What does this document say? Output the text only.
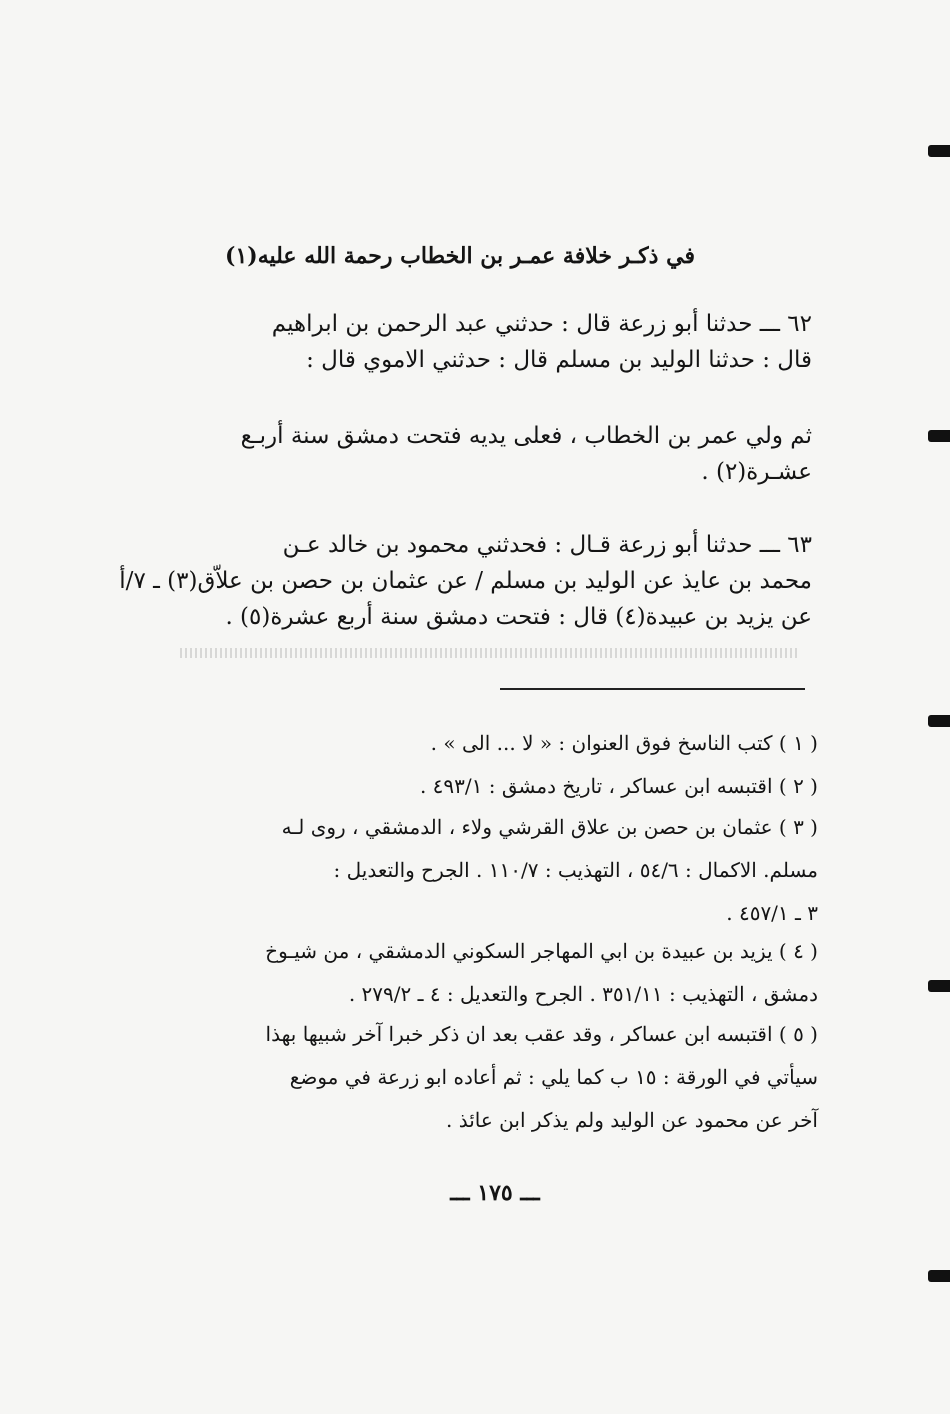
في ذكـر خلافة عمـر بن الخطاب رحمة الله عليه(١)
٦٢ ـــ حدثنا أبو زرعة قال : حدثني عبد الرحمن بن ابراهيم
قال : حدثنا الوليد بن مسلم قال : حدثني الاموي قال :
ثم ولي عمر بن الخطاب ، فعلى يديه فتحت دمشق سنة أربـع
عشـرة(٢) .
٦٣ ـــ حدثنا أبو زرعة قـال : فحدثني محمود بن خالد عـن
محمد بن عايذ عن الوليد بن مسلم / عن عثمان بن حصن بن علاّق(٣) ـ ٧/أ
عن يزيد بن عبيدة(٤) قال : فتحت دمشق سنة أربع عشرة(٥) .
( ١ ) كتب الناسخ فوق العنوان : « لا ... الى » .
( ٢ ) اقتبسه ابن عساكر ، تاريخ دمشق : ٤٩٣/١ .
( ٣ ) عثمان بن حصن بن علاق القرشي ولاء ، الدمشقي ، روى لـه
مسلم. الاكمال : ٥٤/٦ ، التهذيب : ١١٠/٧ . الجرح والتعديل :
٣ ـ ٤٥٧/١ .
( ٤ ) يزيد بن عبيدة بن ابي المهاجر السكوني الدمشقي ، من شيـوخ
دمشق ، التهذيب : ٣٥١/١١ . الجرح والتعديل : ٤ ـ ٢٧٩/٢ .
( ٥ ) اقتبسه ابن عساكر ، وقد عقب بعد ان ذكر خبرا آخر شبيها بهذا
سيأتي في الورقة : ١٥ ب كما يلي : ثم أعاده ابو زرعة في موضع
آخر عن محمود عن الوليد ولم يذكر ابن عائذ .
ـــ ١٧٥ ـــ
